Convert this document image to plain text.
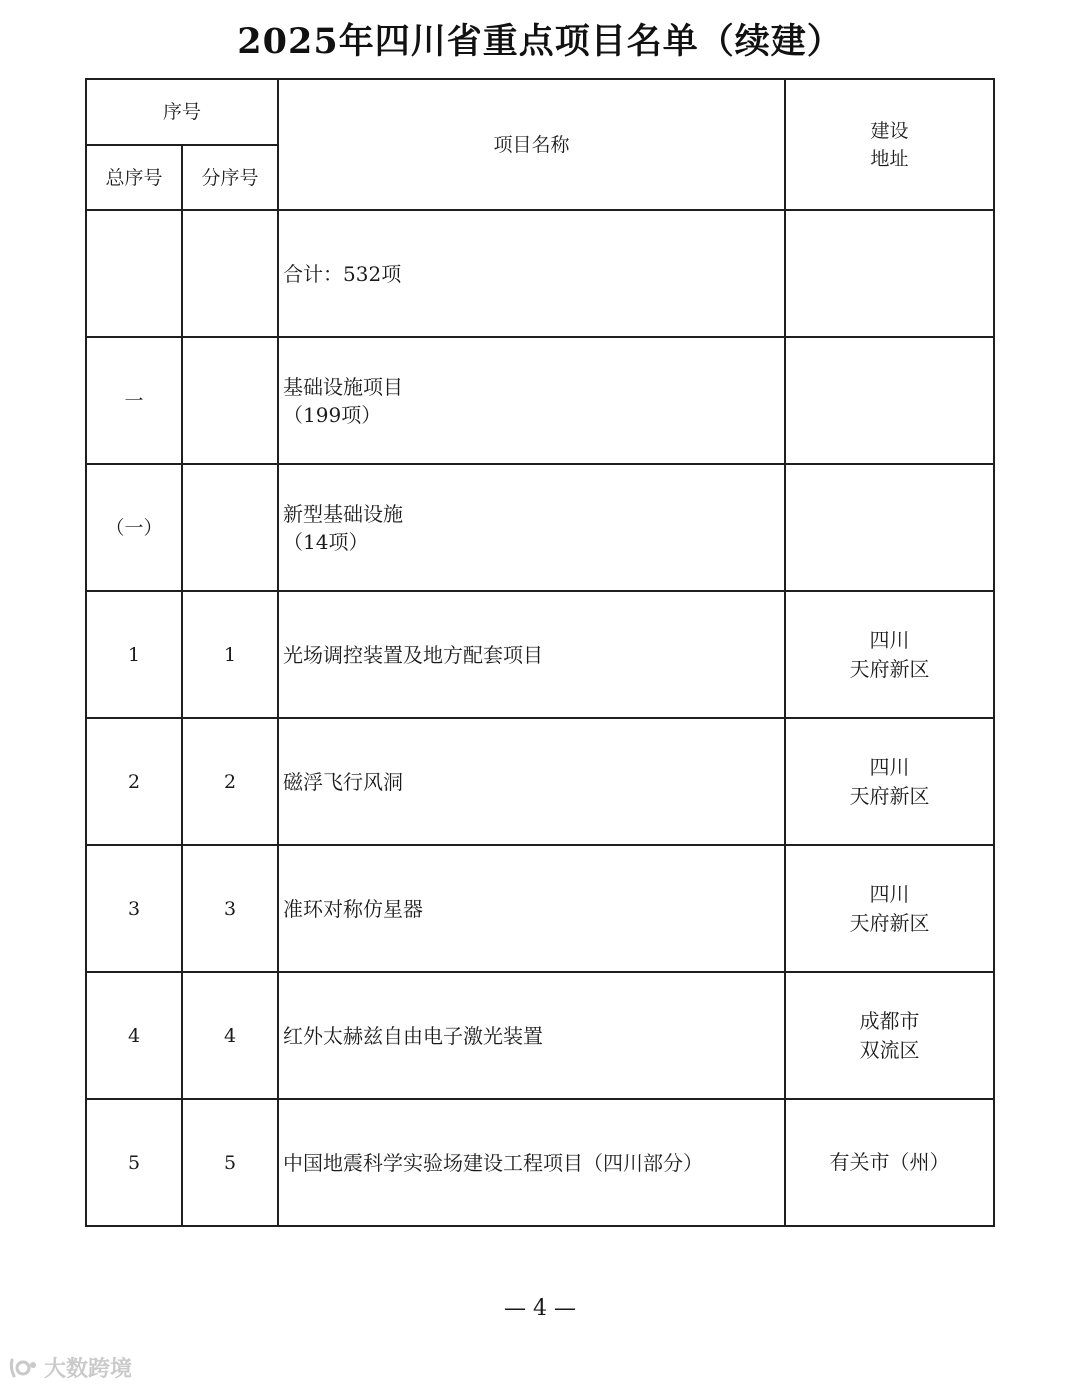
2025年四川省重点项目名单（续建）
序号		项目名称	建设
地址

总序号	分序号		

		合计：532项	

一		基础设施项目
（199项）	

（一）		新型基础设施
（14项）	

1	1	光场调控装置及地方配套项目	四川
天府新区

2	2	磁浮飞行风洞	四川
天府新区

3	3	准环对称仿星器	四川
天府新区

4	4	红外太赫兹自由电子激光装置	成都市
双流区

5	5	中国地震科学实验场建设工程项目（四川部分）	有关市（州）
— 4 —
大数跨境
